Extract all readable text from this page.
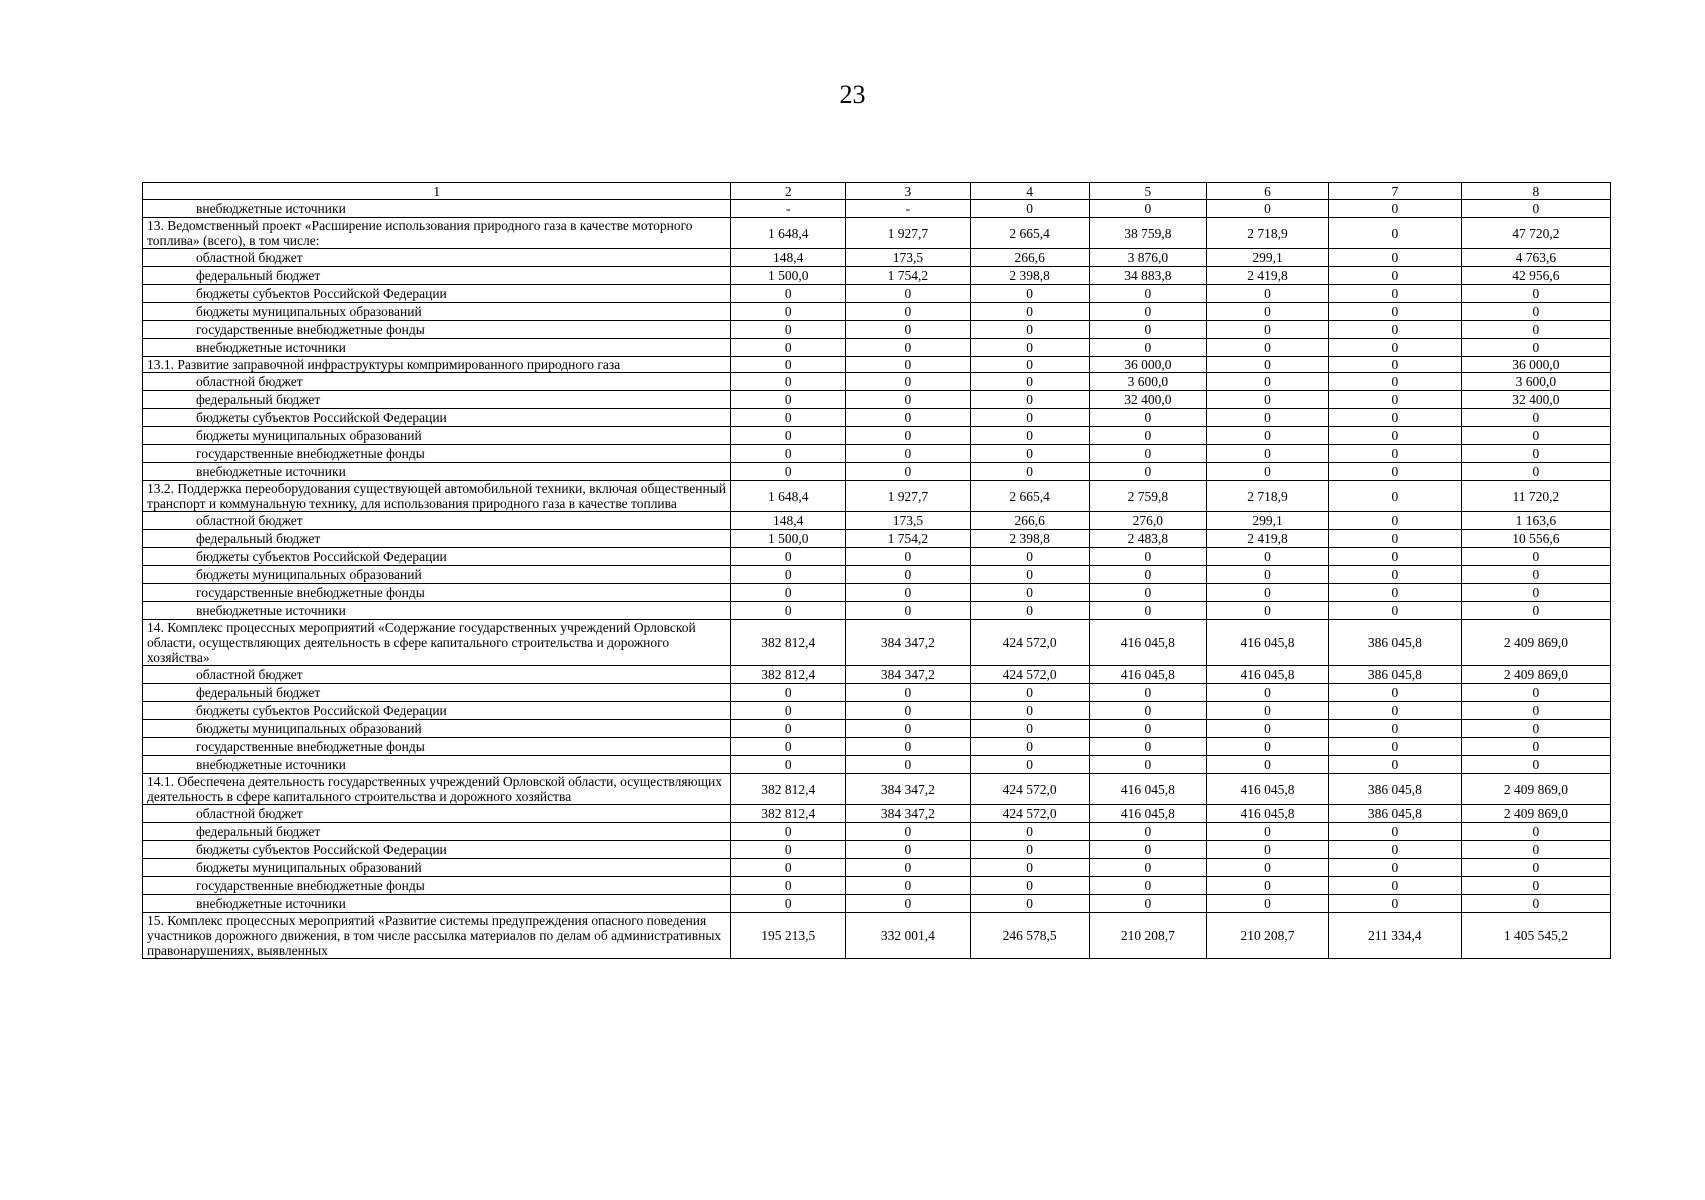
23
1	2	3	4	5	6	7	8
внебюджетные источники	-	-	0	0	0	0	0
13. Ведомственный проект «Расширение использования природного газа в качестве моторного топлива» (всего), в том числе:	1 648,4	1 927,7	2 665,4	38 759,8	2 718,9	0	47 720,2
областной бюджет	148,4	173,5	266,6	3 876,0	299,1	0	4 763,6
федеральный бюджет	1 500,0	1 754,2	2 398,8	34 883,8	2 419,8	0	42 956,6
бюджеты субъектов Российской Федерации	0	0	0	0	0	0	0
бюджеты муниципальных образований	0	0	0	0	0	0	0
государственные внебюджетные фонды	0	0	0	0	0	0	0
внебюджетные источники	0	0	0	0	0	0	0
13.1. Развитие заправочной инфраструктуры компримированного природного газа	0	0	0	36 000,0	0	0	36 000,0
областной бюджет	0	0	0	3 600,0	0	0	3 600,0
федеральный бюджет	0	0	0	32 400,0	0	0	32 400,0
бюджеты субъектов Российской Федерации	0	0	0	0	0	0	0
бюджеты муниципальных образований	0	0	0	0	0	0	0
государственные внебюджетные фонды	0	0	0	0	0	0	0
внебюджетные источники	0	0	0	0	0	0	0
13.2. Поддержка переоборудования существующей автомобильной техники, включая общественный транспорт и коммунальную технику, для использования природного газа в качестве топлива	1 648,4	1 927,7	2 665,4	2 759,8	2 718,9	0	11 720,2
областной бюджет	148,4	173,5	266,6	276,0	299,1	0	1 163,6
федеральный бюджет	1 500,0	1 754,2	2 398,8	2 483,8	2 419,8	0	10 556,6
бюджеты субъектов Российской Федерации	0	0	0	0	0	0	0
бюджеты муниципальных образований	0	0	0	0	0	0	0
государственные внебюджетные фонды	0	0	0	0	0	0	0
внебюджетные источники	0	0	0	0	0	0	0
14. Комплекс процессных мероприятий «Содержание государственных учреждений Орловской области, осуществляющих деятельность в сфере капитального строительства и дорожного хозяйства»	382 812,4	384 347,2	424 572,0	416 045,8	416 045,8	386 045,8	2 409 869,0
областной бюджет	382 812,4	384 347,2	424 572,0	416 045,8	416 045,8	386 045,8	2 409 869,0
федеральный бюджет	0	0	0	0	0	0	0
бюджеты субъектов Российской Федерации	0	0	0	0	0	0	0
бюджеты муниципальных образований	0	0	0	0	0	0	0
государственные внебюджетные фонды	0	0	0	0	0	0	0
внебюджетные источники	0	0	0	0	0	0	0
14.1. Обеспечена деятельность государственных учреждений Орловской области, осуществляющих деятельность в сфере капитального строительства и дорожного хозяйства	382 812,4	384 347,2	424 572,0	416 045,8	416 045,8	386 045,8	2 409 869,0
областной бюджет	382 812,4	384 347,2	424 572,0	416 045,8	416 045,8	386 045,8	2 409 869,0
федеральный бюджет	0	0	0	0	0	0	0
бюджеты субъектов Российской Федерации	0	0	0	0	0	0	0
бюджеты муниципальных образований	0	0	0	0	0	0	0
государственные внебюджетные фонды	0	0	0	0	0	0	0
внебюджетные источники	0	0	0	0	0	0	0
15. Комплекс процессных мероприятий «Развитие системы предупреждения опасного поведения участников дорожного движения, в том числе рассылка материалов по делам об административных правонарушениях, выявленных	195 213,5	332 001,4	246 578,5	210 208,7	210 208,7	211 334,4	1 405 545,2
